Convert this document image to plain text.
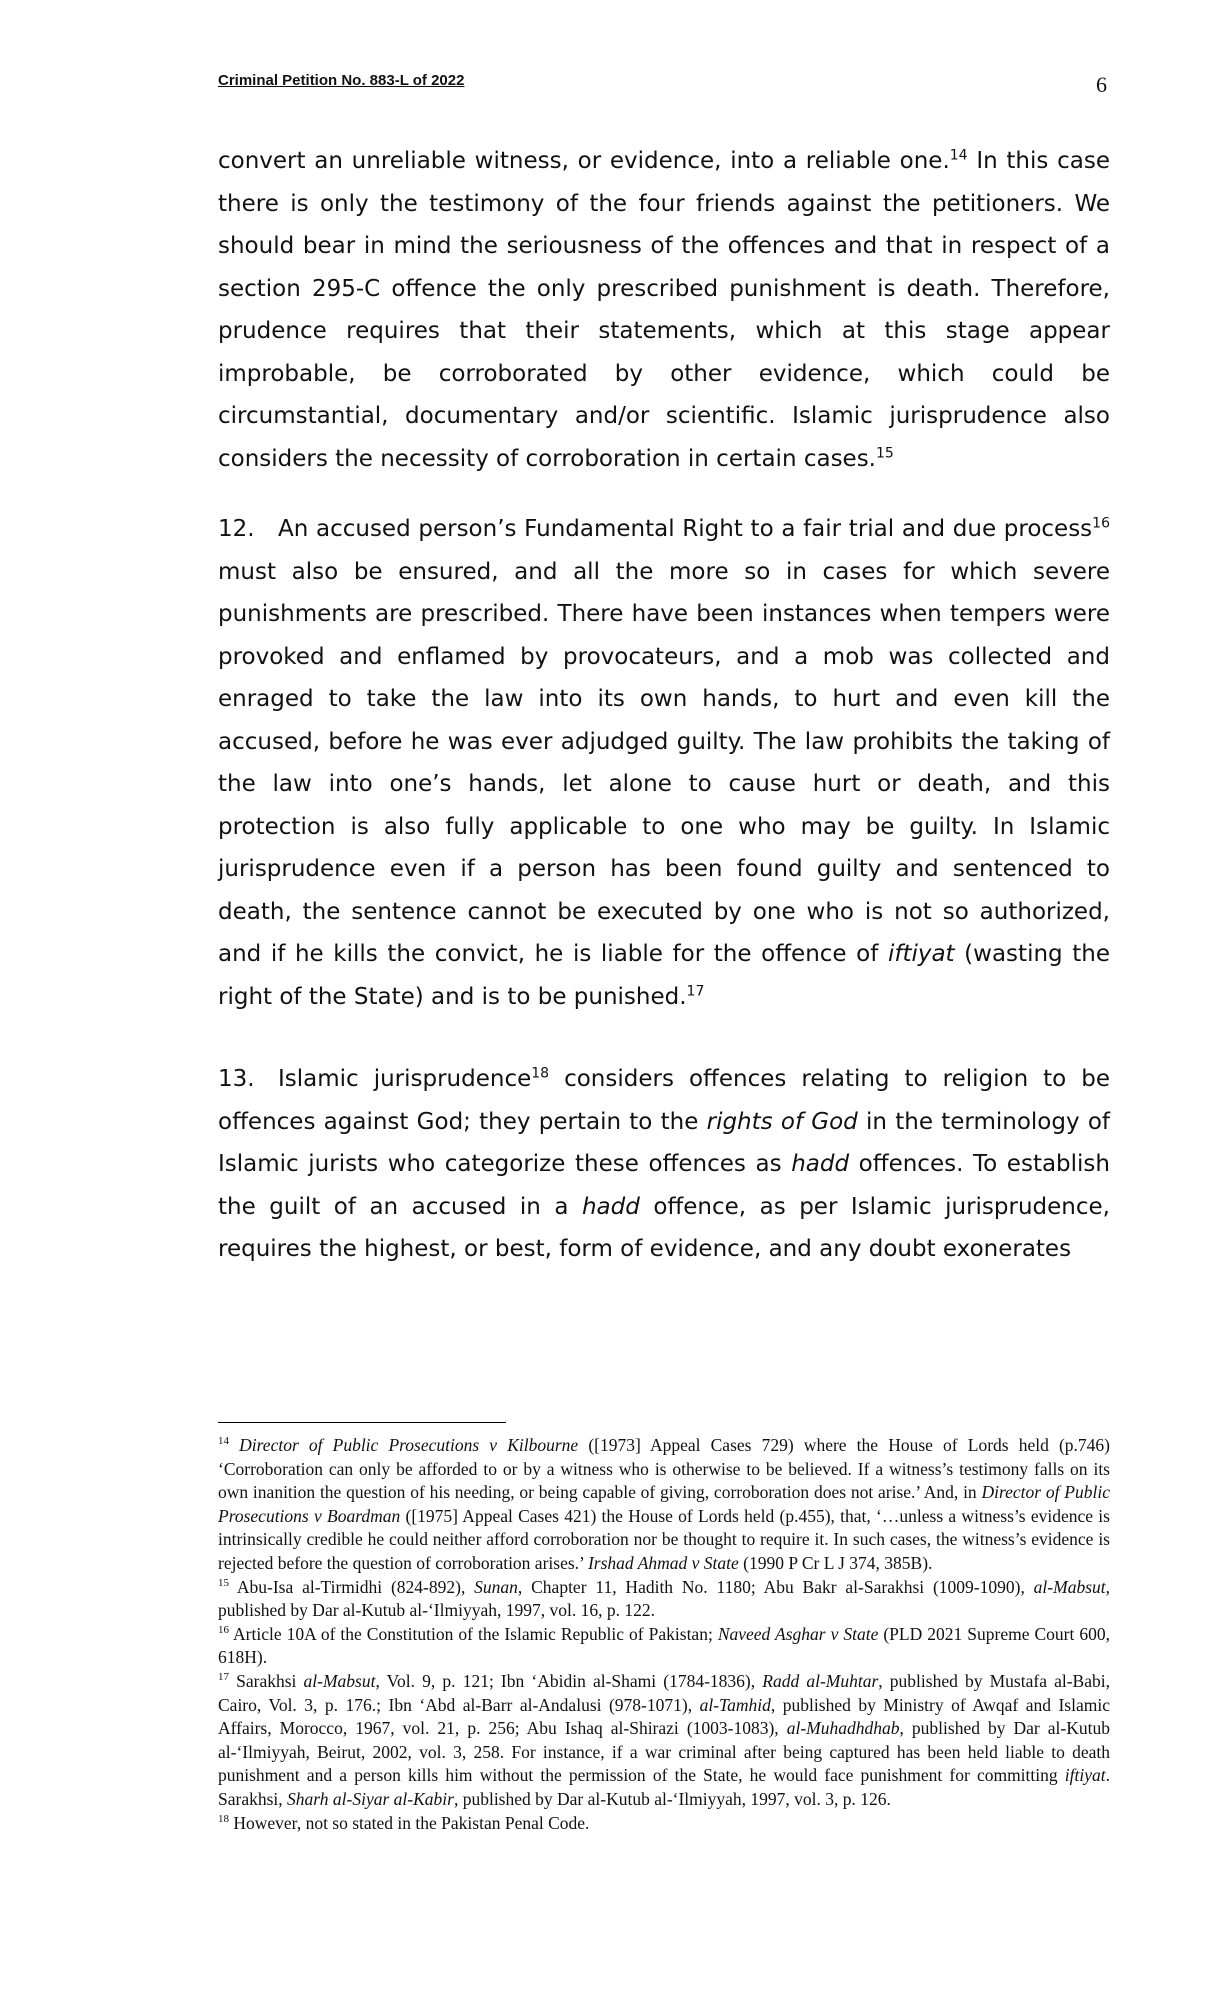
Criminal Petition No. 883-L of 2022	6

convert an unreliable witness, or evidence, into a reliable one.$^{14}$ In this case there is only the testimony of the four friends against the petitioners. We should bear in mind the seriousness of the offences and that in respect of a section 295-C offence the only prescribed punishment is death. Therefore, prudence requires that their statements, which at this stage appear improbable, be corroborated by other evidence, which could be circumstantial, documentary and/or scientific. Islamic jurisprudence also considers the necessity of corroboration in certain cases.$^{15}$

12. An accused person’s Fundamental Right to a fair trial and due process$^{16}$ must also be ensured, and all the more so in cases for which severe punishments are prescribed. There have been instances when tempers were provoked and enflamed by provocateurs, and a mob was collected and enraged to take the law into its own hands, to hurt and even kill the accused, before he was ever adjudged guilty. The law prohibits the taking of the law into one’s hands, let alone to cause hurt or death, and this protection is also fully applicable to one who may be guilty. In Islamic jurisprudence even if a person has been found guilty and sentenced to death, the sentence cannot be executed by one who is not so authorized, and if he kills the convict, he is liable for the offence of iftiyat (wasting the right of the State) and is to be punished.$^{17}$

13. Islamic jurisprudence$^{18}$ considers offences relating to religion to be offences against God; they pertain to the rights of God in the terminology of Islamic jurists who categorize these offences as hadd offences. To establish the guilt of an accused in a hadd offence, as per Islamic jurisprudence, requires the highest, or best, form of evidence, and any doubt exonerates

$^{14}$ Director of Public Prosecutions v Kilbourne ([1973] Appeal Cases 729) where the House of Lords held (p.746) ‘Corroboration can only be afforded to or by a witness who is otherwise to be believed. If a witness’s testimony falls on its own inanition the question of his needing, or being capable of giving, corroboration does not arise.’ And, in Director of Public Prosecutions v Boardman ([1975] Appeal Cases 421) the House of Lords held (p.455), that, ‘…unless a witness’s evidence is intrinsically credible he could neither afford corroboration nor be thought to require it. In such cases, the witness’s evidence is rejected before the question of corroboration arises.’ Irshad Ahmad v State (1990 P Cr L J 374, 385B).

$^{15}$ Abu-Isa al-Tirmidhi (824-892), Sunan, Chapter 11, Hadith No. 1180; Abu Bakr al-Sarakhsi (1009-1090), al-Mabsut, published by Dar al-Kutub al-‘Ilmiyyah, 1997, vol. 16, p. 122.

$^{16}$ Article 10A of the Constitution of the Islamic Republic of Pakistan; Naveed Asghar v State (PLD 2021 Supreme Court 600, 618H).

$^{17}$ Sarakhsi al-Mabsut, Vol. 9, p. 121; Ibn ‘Abidin al-Shami (1784-1836), Radd al-Muhtar, published by Mustafa al-Babi, Cairo, Vol. 3, p. 176.; Ibn ‘Abd al-Barr al-Andalusi (978-1071), al-Tamhid, published by Ministry of Awqaf and Islamic Affairs, Morocco, 1967, vol. 21, p. 256; Abu Ishaq al-Shirazi (1003-1083), al-Muhadhdhab, published by Dar al-Kutub al-‘Ilmiyyah, Beirut, 2002, vol. 3, 258. For instance, if a war criminal after being captured has been held liable to death punishment and a person kills him without the permission of the State, he would face punishment for committing iftiyat. Sarakhsi, Sharh al-Siyar al-Kabir, published by Dar al-Kutub al-‘Ilmiyyah, 1997, vol. 3, p. 126.

$^{18}$ However, not so stated in the Pakistan Penal Code.
